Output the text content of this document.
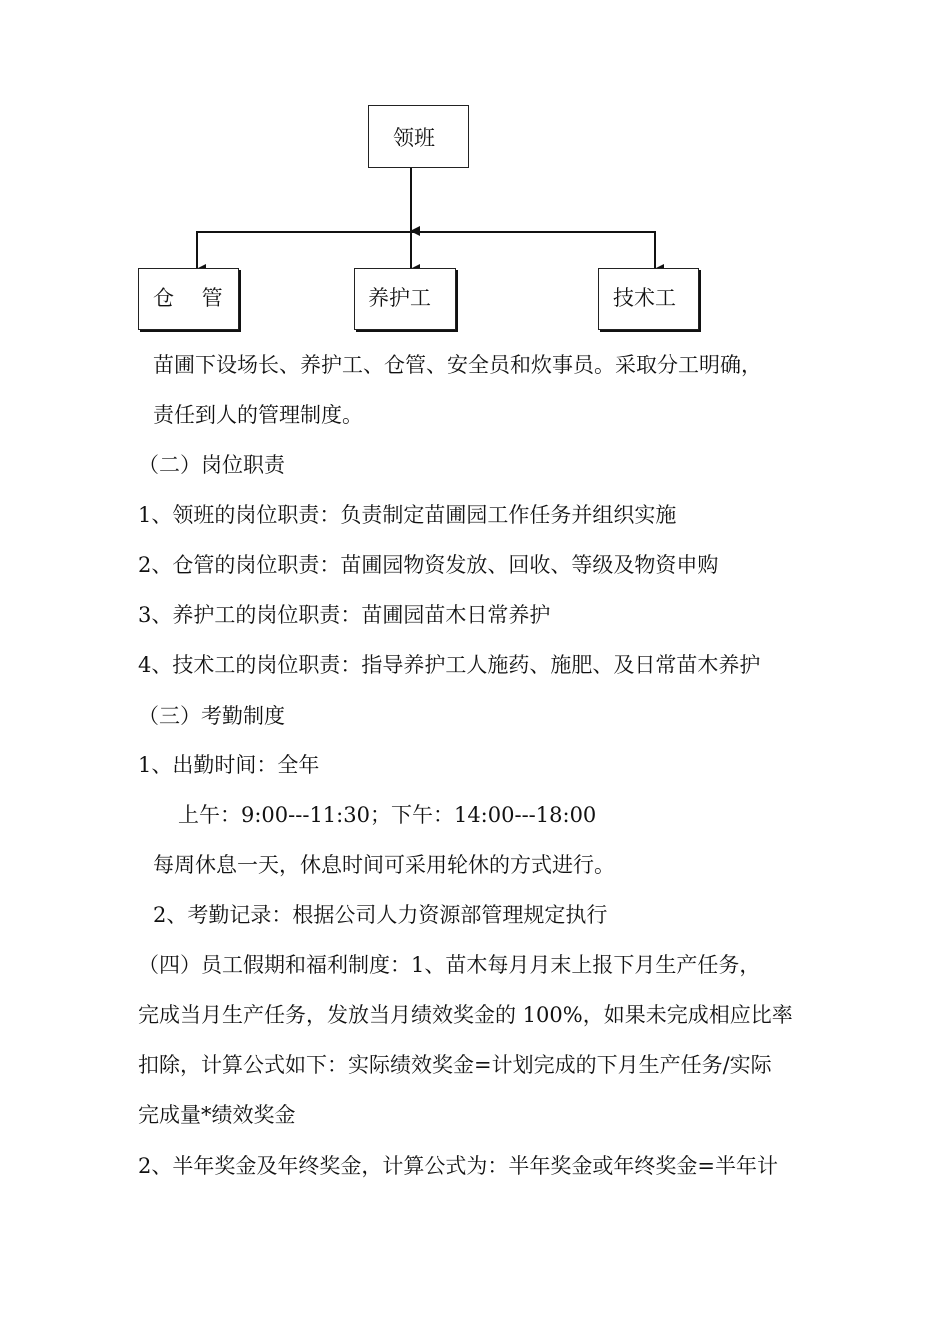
领班
仓　 管	养护工	技术工
苗圃下设场长、养护工、仓管、安全员和炊事员。采取分工明确，
责任到人的管理制度。
（二）岗位职责
1、领班的岗位职责：负责制定苗圃园工作任务并组织实施
2、仓管的岗位职责：苗圃园物资发放、回收、等级及物资申购
3、养护工的岗位职责：苗圃园苗木日常养护
4、技术工的岗位职责：指导养护工人施药、施肥、及日常苗木养护
（三）考勤制度
1、出勤时间：全年
上午：9:00---11:30；下午：14:00---18:00
每周休息一天，休息时间可采用轮休的方式进行。
2、考勤记录：根据公司人力资源部管理规定执行
（四）员工假期和福利制度：1、苗木每月月末上报下月生产任务，
完成当月生产任务，发放当月绩效奖金的 100%，如果未完成相应比率
扣除，计算公式如下：实际绩效奖金=计划完成的下月生产任务/实际
完成量*绩效奖金
2、半年奖金及年终奖金，计算公式为：半年奖金或年终奖金=半年计
